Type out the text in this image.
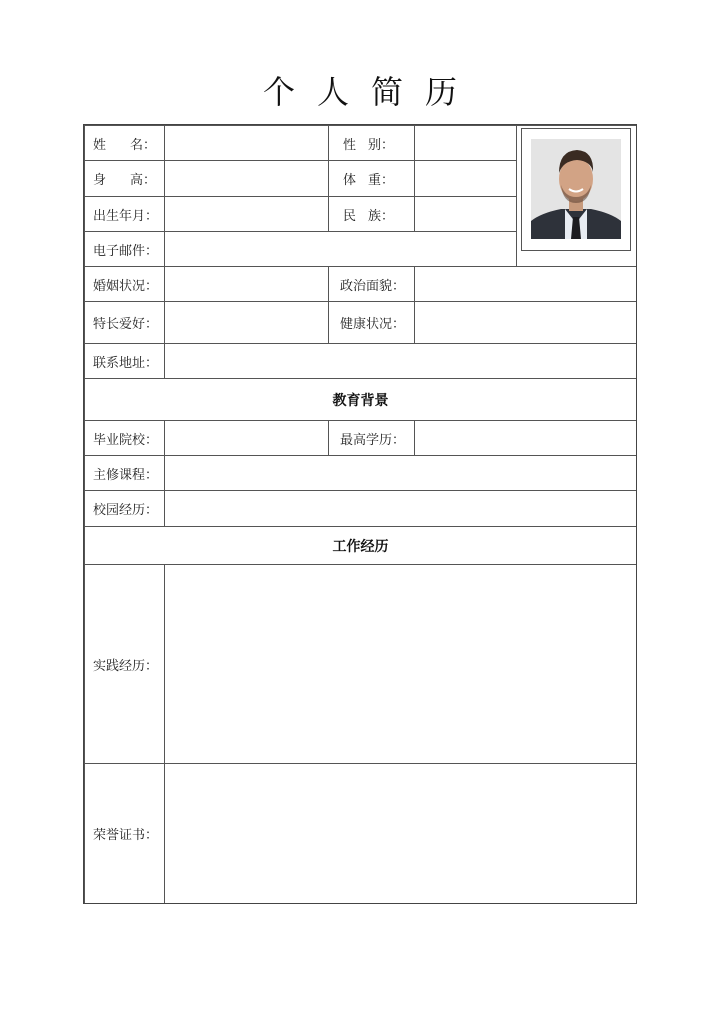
个人简历
姓 名：	性 别：
身 高：	体 重：
出生年月：	民 族：
电子邮件：
婚姻状况：	政治面貌：
特长爱好：	健康状况：
联系地址：
教育背景
毕业院校：	最高学历：
主修课程：
校园经历：
工作经历
实践经历：
荣誉证书：
